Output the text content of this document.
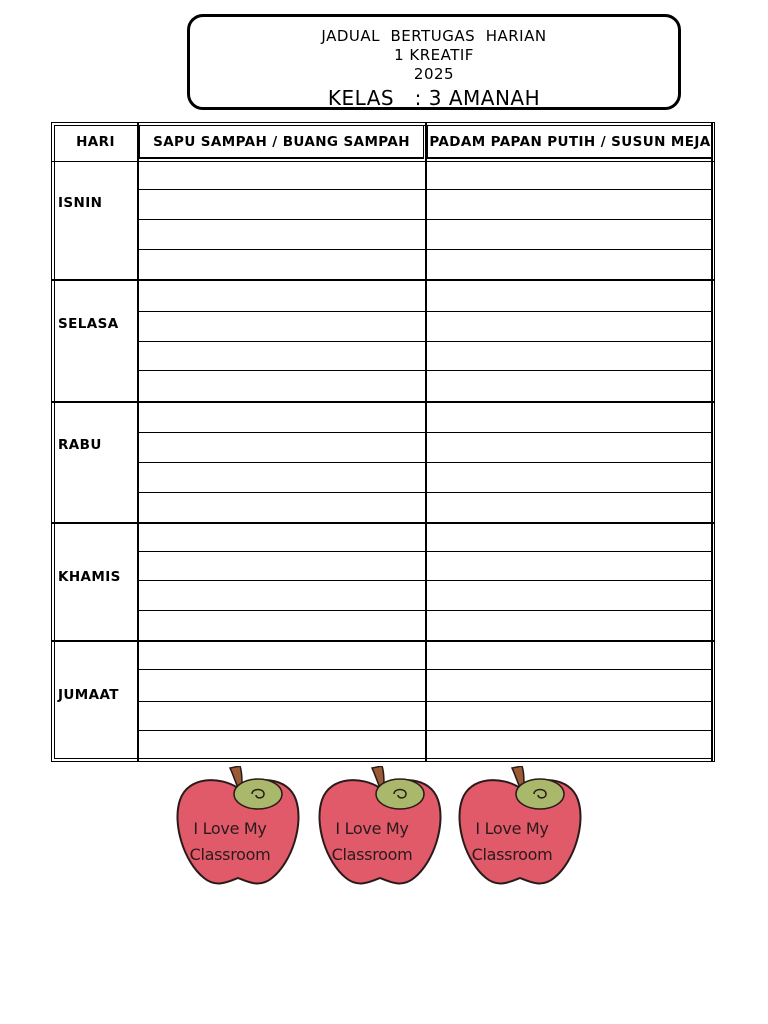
JADUAL  BERTUGAS  HARIAN
1 KREATIF
2025
KELAS   : 3 AMANAH
HARI	SAPU SAMPAH / BUANG SAMPAH	PADAM PAPAN PUTIH / SUSUN MEJA
ISNIN
SELASA
RABU
KHAMIS
JUMAAT
I Love My
Classroom
I Love My
Classroom
I Love My
Classroom
